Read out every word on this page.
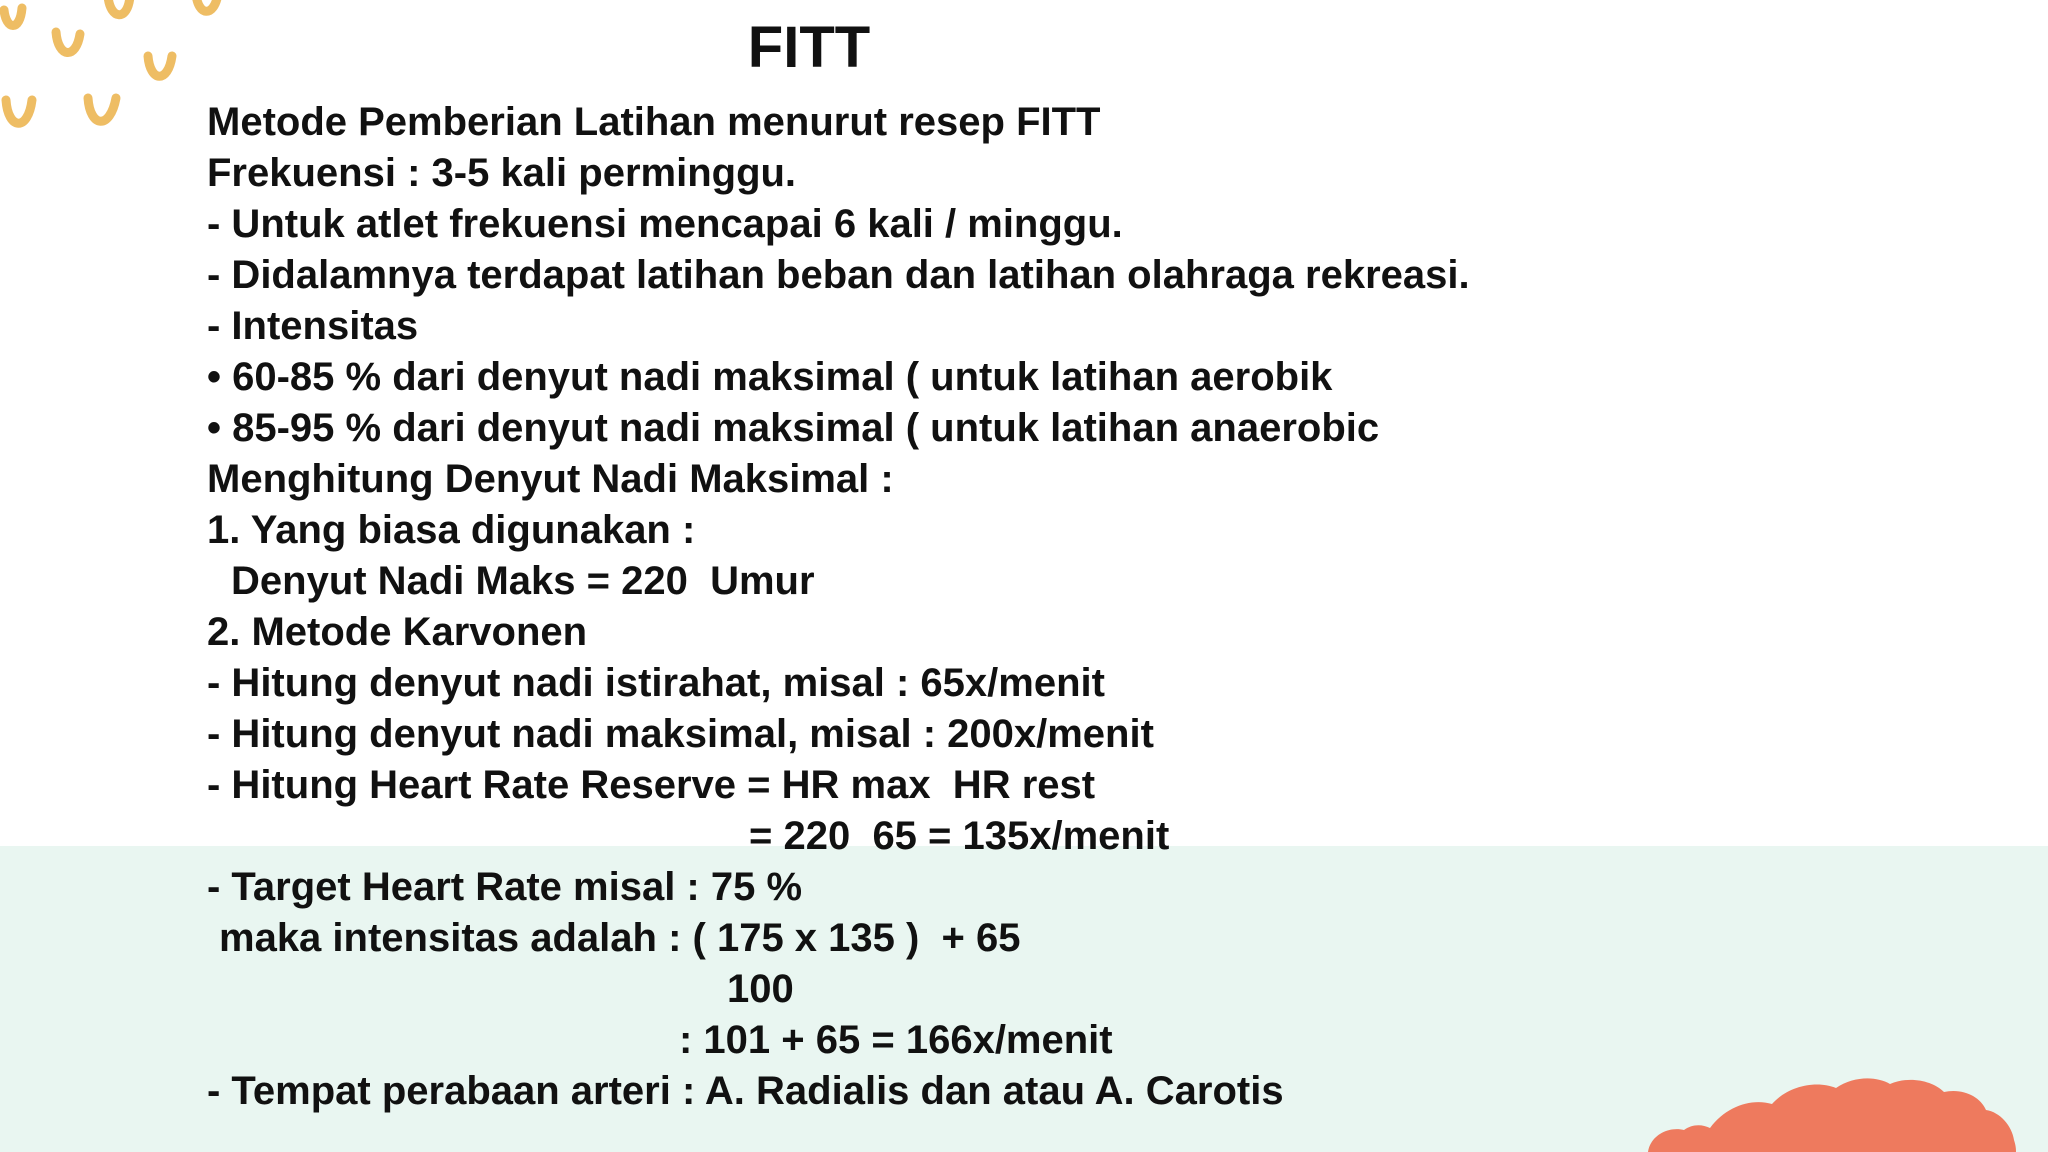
FITT
Metode Pemberian Latihan menurut resep FITT
Frekuensi : 3-5 kali perminggu.
- Untuk atlet frekuensi mencapai 6 kali / minggu.
- Didalamnya terdapat latihan beban dan latihan olahraga rekreasi.
- Intensitas
• 60-85 % dari denyut nadi maksimal ( untuk latihan aerobik
• 85-95 % dari denyut nadi maksimal ( untuk latihan anaerobic
Menghitung Denyut Nadi Maksimal :
1. Yang biasa digunakan :
Denyut Nadi Maks = 220  Umur
2. Metode Karvonen
- Hitung denyut nadi istirahat, misal : 65x/menit
- Hitung denyut nadi maksimal, misal : 200x/menit
- Hitung Heart Rate Reserve = HR max  HR rest
= 220  65 = 135x/menit
- Target Heart Rate misal : 75 %
maka intensitas adalah : ( 175 x 135 )  + 65
100
: 101 + 65 = 166x/menit
- Tempat perabaan arteri : A. Radialis dan atau A. Carotis
